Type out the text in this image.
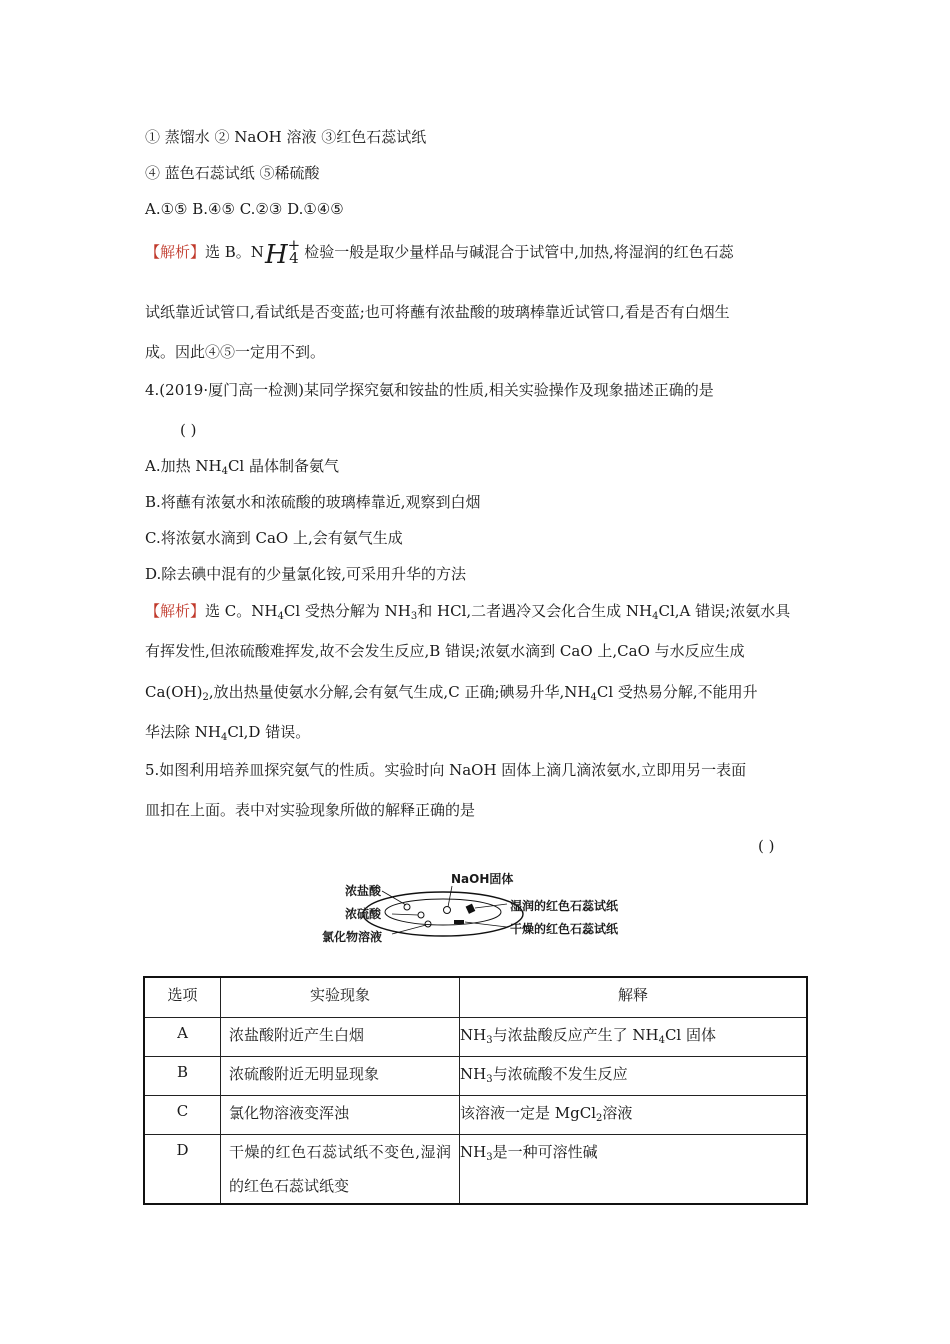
① 蒸馏水 ② NaOH 溶液 ③红色石蕊试纸
④ 蓝色石蕊试纸 ⑤稀硫酸
A.①⑤ B.④⑤ C.②③ D.①④⑤
【解析】选 B。NH +
4 检验一般是取少量样品与碱混合于试管中,加热,将湿润的红色石蕊
试纸靠近试管口,看试纸是否变蓝;也可将蘸有浓盐酸的玻璃棒靠近试管口,看是否有白烟生
成。因此④⑤一定用不到。
4.(2019·厦门高一检测)某同学探究氨和铵盐的性质,相关实验操作及现象描述正确的是
( )
A.加热 $NH_4Cl$ 晶体制备氨气
B.将蘸有浓氨水和浓硫酸的玻璃棒靠近,观察到白烟
C.将浓氨水滴到 CaO 上,会有氨气生成
D.除去碘中混有的少量氯化铵,可采用升华的方法
【解析】选 C。$NH_4Cl$ 受热分解为 $NH_3$和 HCl,二者遇冷又会化合生成 $NH_4Cl,A$ 错误;浓氨水具
有挥发性,但浓硫酸难挥发,故不会发生反应,B 错误;浓氨水滴到 CaO 上,CaO 与水反应生成
$Ca(OH)_2$,放出热量使氨水分解,会有氨气生成,C 正确;碘易升华$,NH_4Cl$ 受热易分解,不能用升
华法除 $NH_4Cl,D$ 错误。
5.如图利用培养皿探究氨气的性质。实验时向 NaOH 固体上滴几滴浓氨水,立即用另一表面
皿扣在上面。表中对实验现象所做的解释正确的是
( )
浓盐酸
浓硫酸
氯化物溶液
NaOH固体
湿润的红色石蕊试纸
干燥的红色石蕊试纸
选项	实验现象	解释
A	浓盐酸附近产生白烟	$NH_3$与浓盐酸反应产生了 $NH_4Cl$ 固体
B	浓硫酸附近无明显现象	$NH_3$与浓硫酸不发生反应
C	氯化物溶液变浑浊	该溶液一定是 MgCl$_2$溶液
D	干燥的红色石蕊试纸不变色,湿润的红色石蕊试纸变	$NH_3$是一种可溶性碱
